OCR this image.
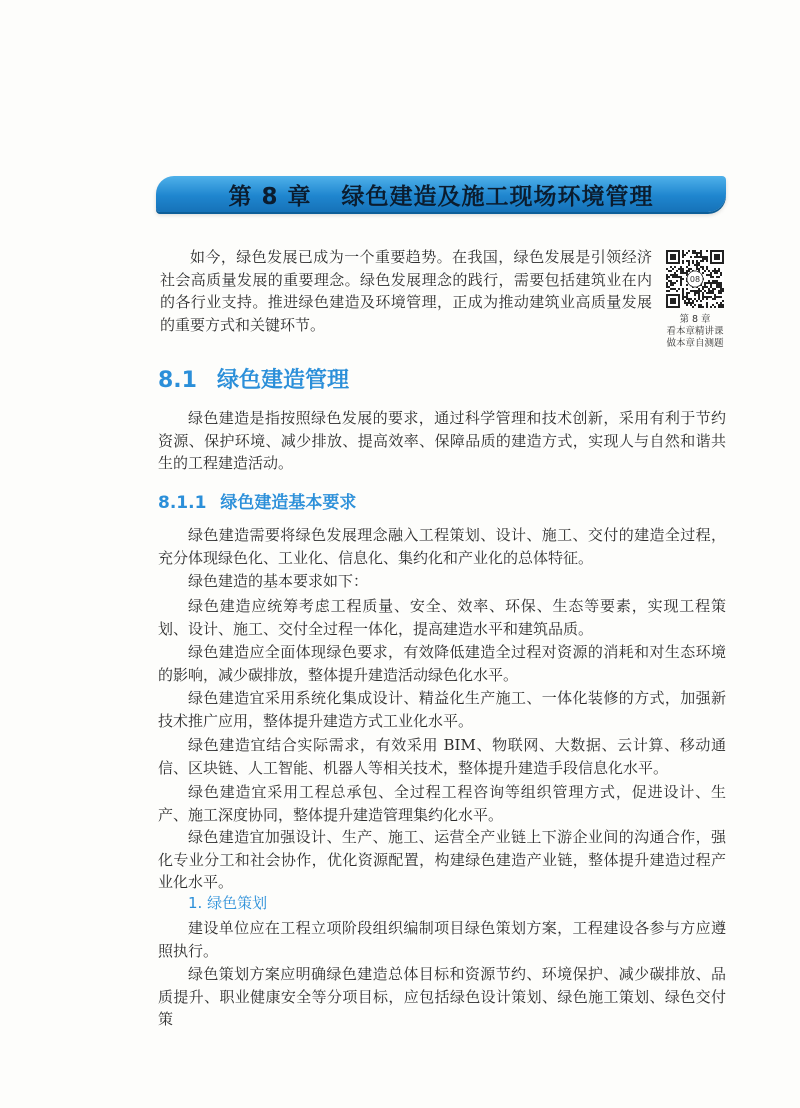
第 8 章 绿色建造及施工现场环境管理

如今，绿色发展已成为一个重要趋势。在我国，绿色发展是引领经济社会高质量发展的重要理念。绿色发展理念的践行，需要包括建筑业在内的各行业支持。推进绿色建造及环境管理，正成为推动建筑业高质量发展的重要方式和关键环节。

08
第 8 章
看本章精讲课
做本章自测题
8.1 绿色建造管理

绿色建造是指按照绿色发展的要求，通过科学管理和技术创新，采用有利于节约资源、保护环境、减少排放、提高效率、保障品质的建造方式，实现人与自然和谐共生的工程建造活动。

8.1.1 绿色建造基本要求

绿色建造需要将绿色发展理念融入工程策划、设计、施工、交付的建造全过程，充分体现绿色化、工业化、信息化、集约化和产业化的总体特征。

绿色建造的基本要求如下：

绿色建造应统筹考虑工程质量、安全、效率、环保、生态等要素，实现工程策划、设计、施工、交付全过程一体化，提高建造水平和建筑品质。

绿色建造应全面体现绿色要求，有效降低建造全过程对资源的消耗和对生态环境的影响，减少碳排放，整体提升建造活动绿色化水平。

绿色建造宜采用系统化集成设计、精益化生产施工、一体化装修的方式，加强新技术推广应用，整体提升建造方式工业化水平。

绿色建造宜结合实际需求，有效采用 BIM、物联网、大数据、云计算、移动通信、区块链、人工智能、机器人等相关技术，整体提升建造手段信息化水平。

绿色建造宜采用工程总承包、全过程工程咨询等组织管理方式，促进设计、生产、施工深度协同，整体提升建造管理集约化水平。

绿色建造宜加强设计、生产、施工、运营全产业链上下游企业间的沟通合作，强化专业分工和社会协作，优化资源配置，构建绿色建造产业链，整体提升建造过程产业化水平。

1. 绿色策划

建设单位应在工程立项阶段组织编制项目绿色策划方案，工程建设各参与方应遵照执行。

绿色策划方案应明确绿色建造总体目标和资源节约、环境保护、减少碳排放、品质提升、职业健康安全等分项目标，应包括绿色设计策划、绿色施工策划、绿色交付策
